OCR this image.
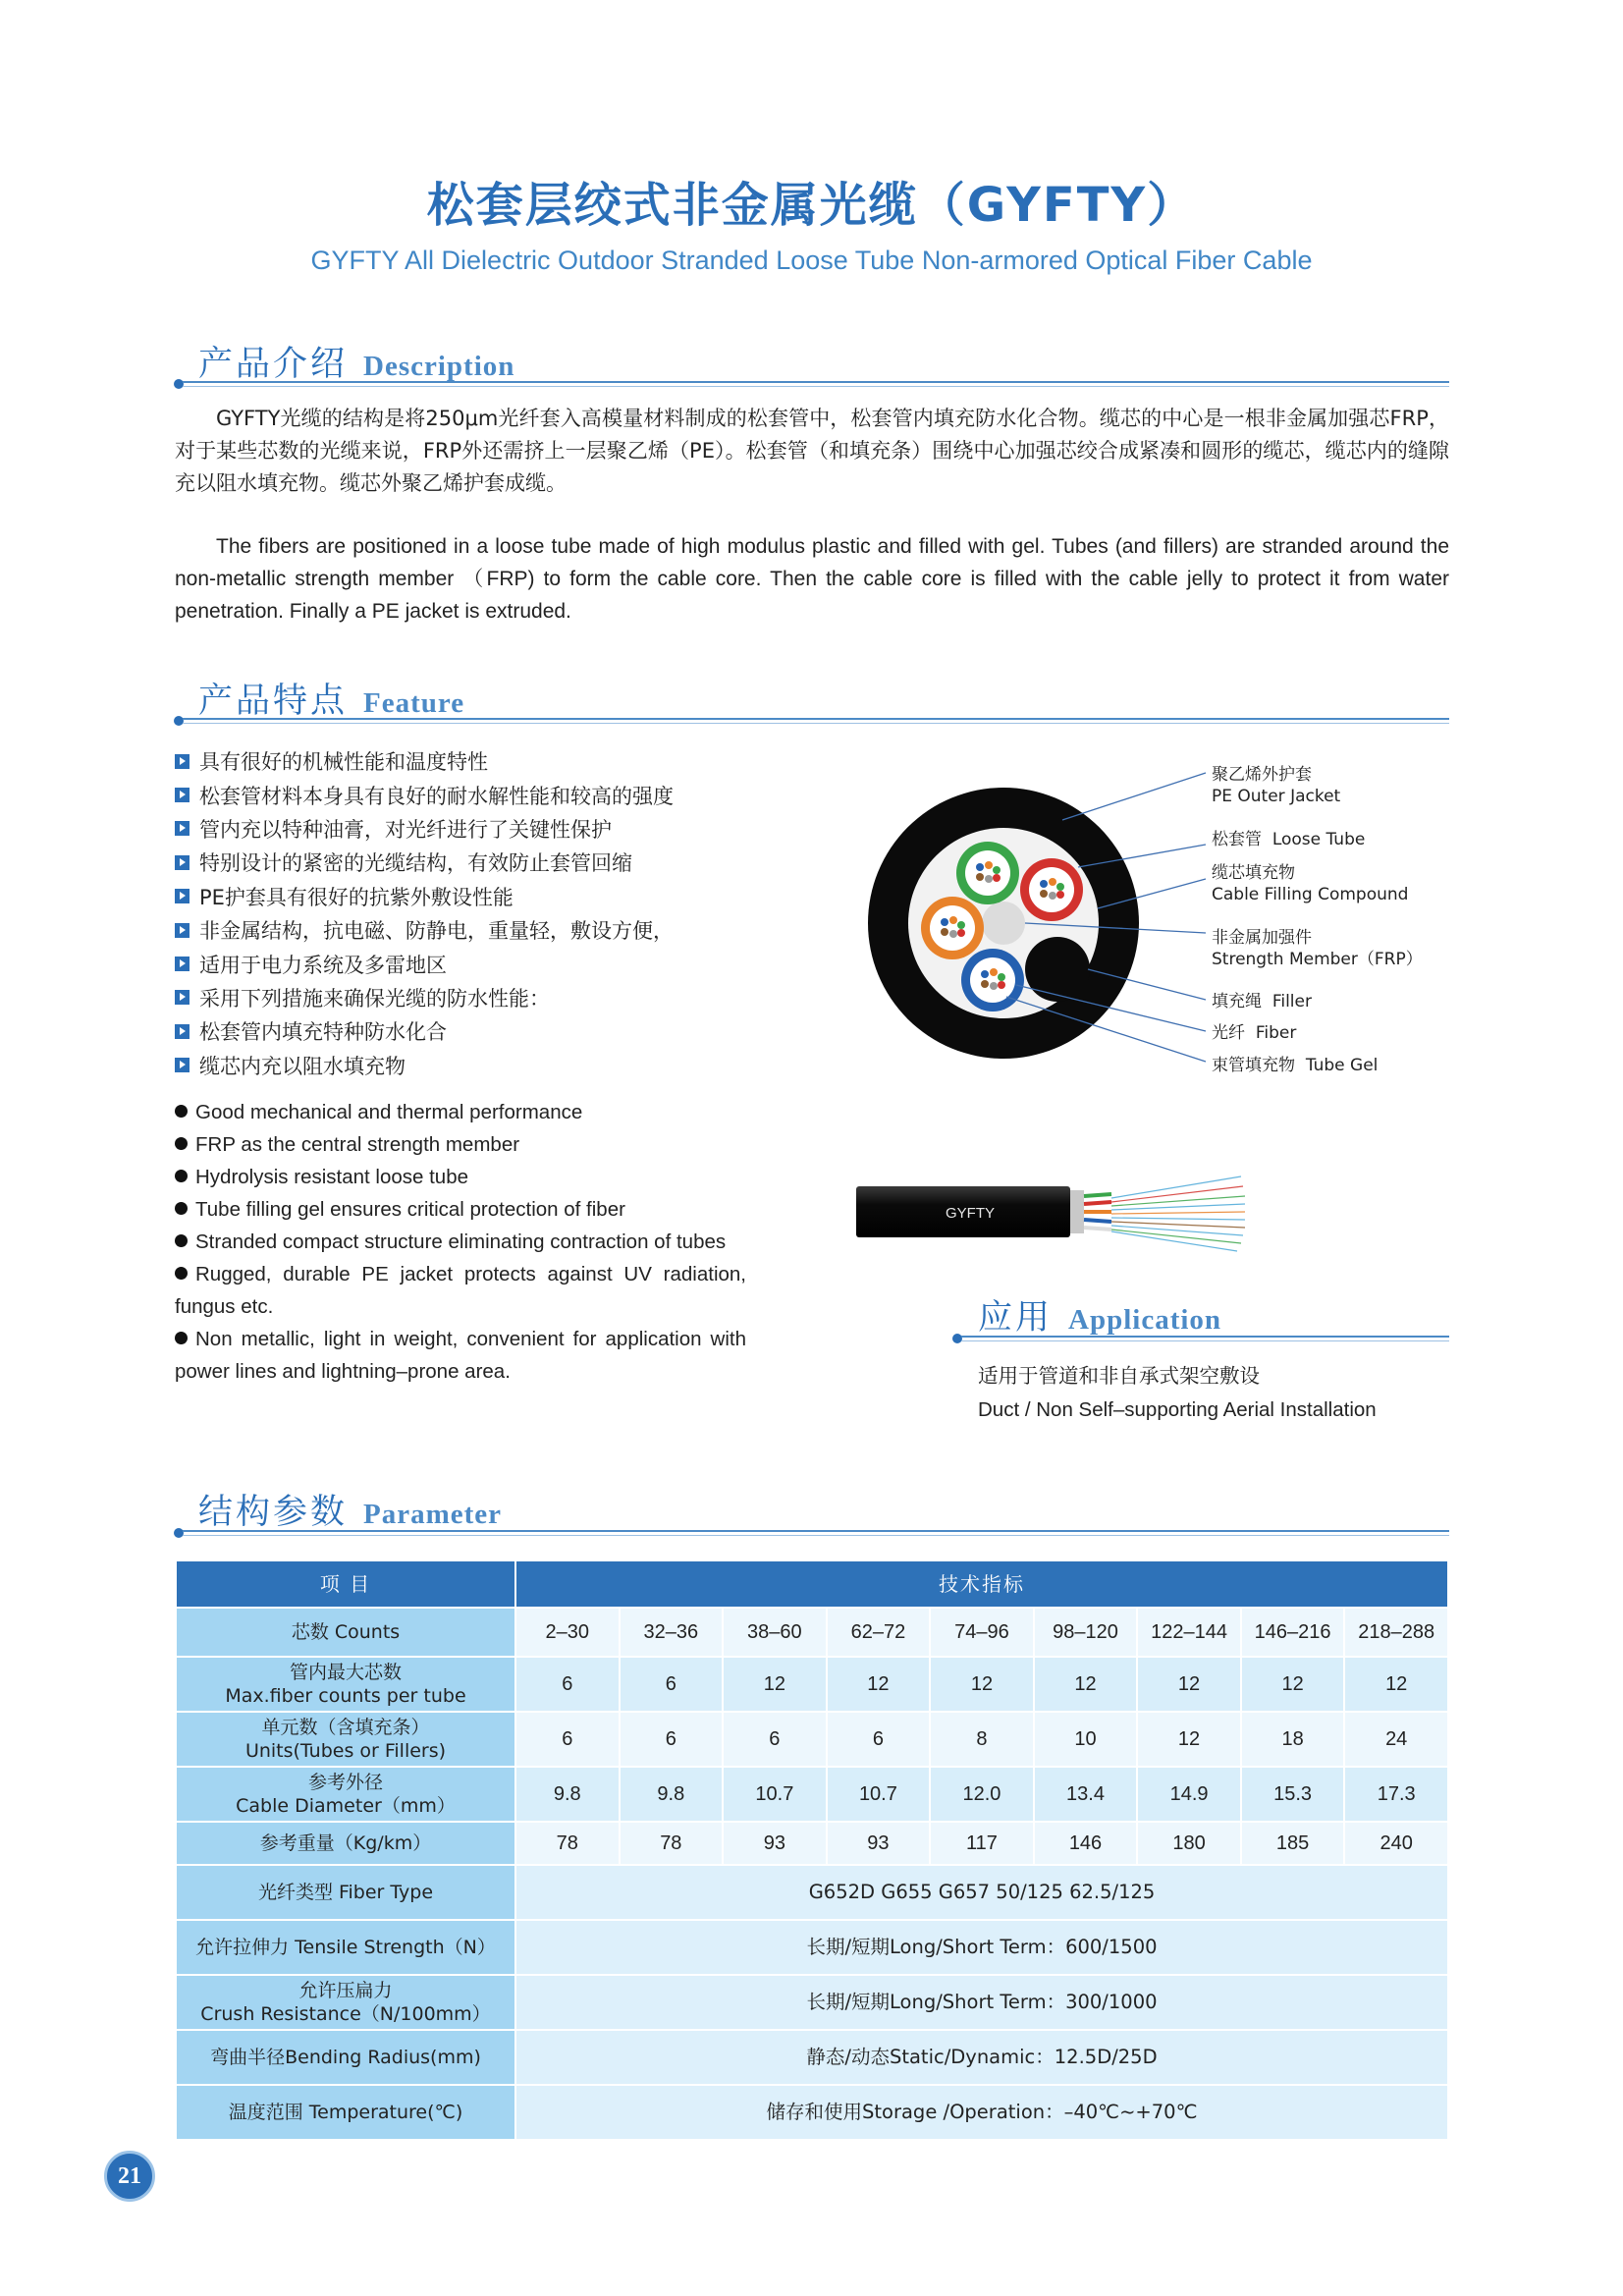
松套层绞式非金属光缆（GYFTY）
GYFTY All Dielectric Outdoor Stranded Loose Tube Non-armored Optical Fiber Cable
产品介绍 Description
GYFTY光缆的结构是将250μm光纤套入高模量材料制成的松套管中，松套管内填充防水化合物。缆芯的中心是一根非金属加强芯FRP，对于某些芯数的光缆来说，FRP外还需挤上一层聚乙烯（PE）。松套管（和填充条）围绕中心加强芯绞合成紧凑和圆形的缆芯，缆芯内的缝隙充以阻水填充物。缆芯外聚乙烯护套成缆。
The fibers are positioned in a loose tube made of high modulus plastic and filled with gel. Tubes (and fillers) are stranded around the non-metallic strength member （FRP) to form the cable core. Then the cable core is filled with the cable jelly to protect it from water penetration. Finally a PE jacket is extruded.
产品特点 Feature
具有很好的机械性能和温度特性
松套管材料本身具有良好的耐水解性能和较高的强度
管内充以特种油膏，对光纤进行了关键性保护
特别设计的紧密的光缆结构，有效防止套管回缩
PE护套具有很好的抗紫外敷设性能
非金属结构，抗电磁、防静电，重量轻，敷设方便，
适用于电力系统及多雷地区
采用下列措施来确保光缆的防水性能：
松套管内填充特种防水化合
缆芯内充以阻水填充物
Good mechanical and thermal performance
FRP as the central strength member
Hydrolysis resistant loose tube
Tube filling gel ensures critical protection of fiber
Stranded compact structure eliminating contraction of tubes
Rugged, durable PE jacket protects against UV radiation, fungus etc.
Non metallic, light in weight, convenient for application with power lines and lightning–prone area.
聚乙烯外护套
PE Outer Jacket
松套管 Loose Tube
缆芯填充物
Cable Filling Compound
非金属加强件
Strength Member（FRP）
填充绳 Filler
光纤 Fiber
束管填充物 Tube Gel
GYFTY
应用 Application
适用于管道和非自承式架空敷设
Duct / Non Self–supporting Aerial Installation
结构参数 Parameter
项 目	技术指标								
芯数 Counts	2–30	32–36	38–60	62–72	74–96	98–120	122–144	146–216	218–288
管内最大芯数
Max.fiber counts per tube	6	6	12	12	12	12	12	12	12
单元数（含填充条）
Units(Tubes or Fillers)	6	6	6	6	8	10	12	18	24
参考外径
Cable Diameter（mm）	9.8	9.8	10.7	10.7	12.0	13.4	14.9	15.3	17.3
参考重量（Kg/km）	78	78	93	93	117	146	180	185	240
光纤类型 Fiber Type	G652D G655 G657 50/125 62.5/125								
允许拉伸力 Tensile Strength（N）	长期/短期Long/Short Term：600/1500								
允许压扁力
Crush Resistance（N/100mm）	长期/短期Long/Short Term：300/1000								
弯曲半径Bending Radius(mm)	静态/动态Static/Dynamic：12.5D/25D								
温度范围 Temperature(℃)	储存和使用Storage /Operation：–40℃~+70℃								
21
